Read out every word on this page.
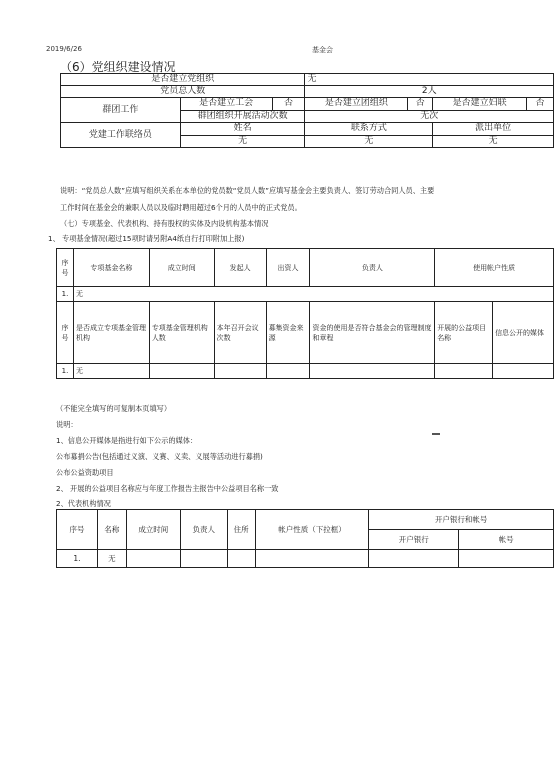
2019/6/26	基金会
（6）党组织建设情况
是否建立党组织			无			
党员总人数			2人			
群团工作	是否建立工会	否	是否建立团组织	否	是否建立妇联	否
	群团组织开展活动次数		无次			
党建工作联络员	姓名		联系方式		派出单位	
	无		无		无	
说明：“党员总人数”应填写组织关系在本单位的党员数“党员人数”应填写基金会主要负责人、签订劳动合同人员、主要
工作时间在基金会的兼职人员以及临时聘用超过6个月的人员中的正式党员。
（七）专项基金、代表机构、持有股权的实体及内设机构基本情况
1、 专项基金情况(超过15项时请另附A4纸自行打印附加上报)
序号	专项基金名称	成立时间	发起人	出资人	负责人	使用帐户性质	
1.	无						
序号	是否成立专项基金管理机构	专项基金管理机构人数	本年召开会议次数	募集资金来源	资金的使用是否符合基金会的管理制度和章程	开展的公益项目名称	信息公开的媒体
1.	无						
（不能完全填写的可复制本页填写）
说明：
1、信息公开媒体是指进行如下公示的媒体：
公布募捐公告(包括通过义演、义赛、义卖、义展等活动进行募捐)
公布公益资助项目
2、 开展的公益项目名称应与年度工作报告主报告中公益项目名称一致
2、代表机构情况
序号	名称	成立时间	负责人	住所	帐户性质（下拉框）	开户银行和帐号	
						开户银行	帐号
1.	无						
